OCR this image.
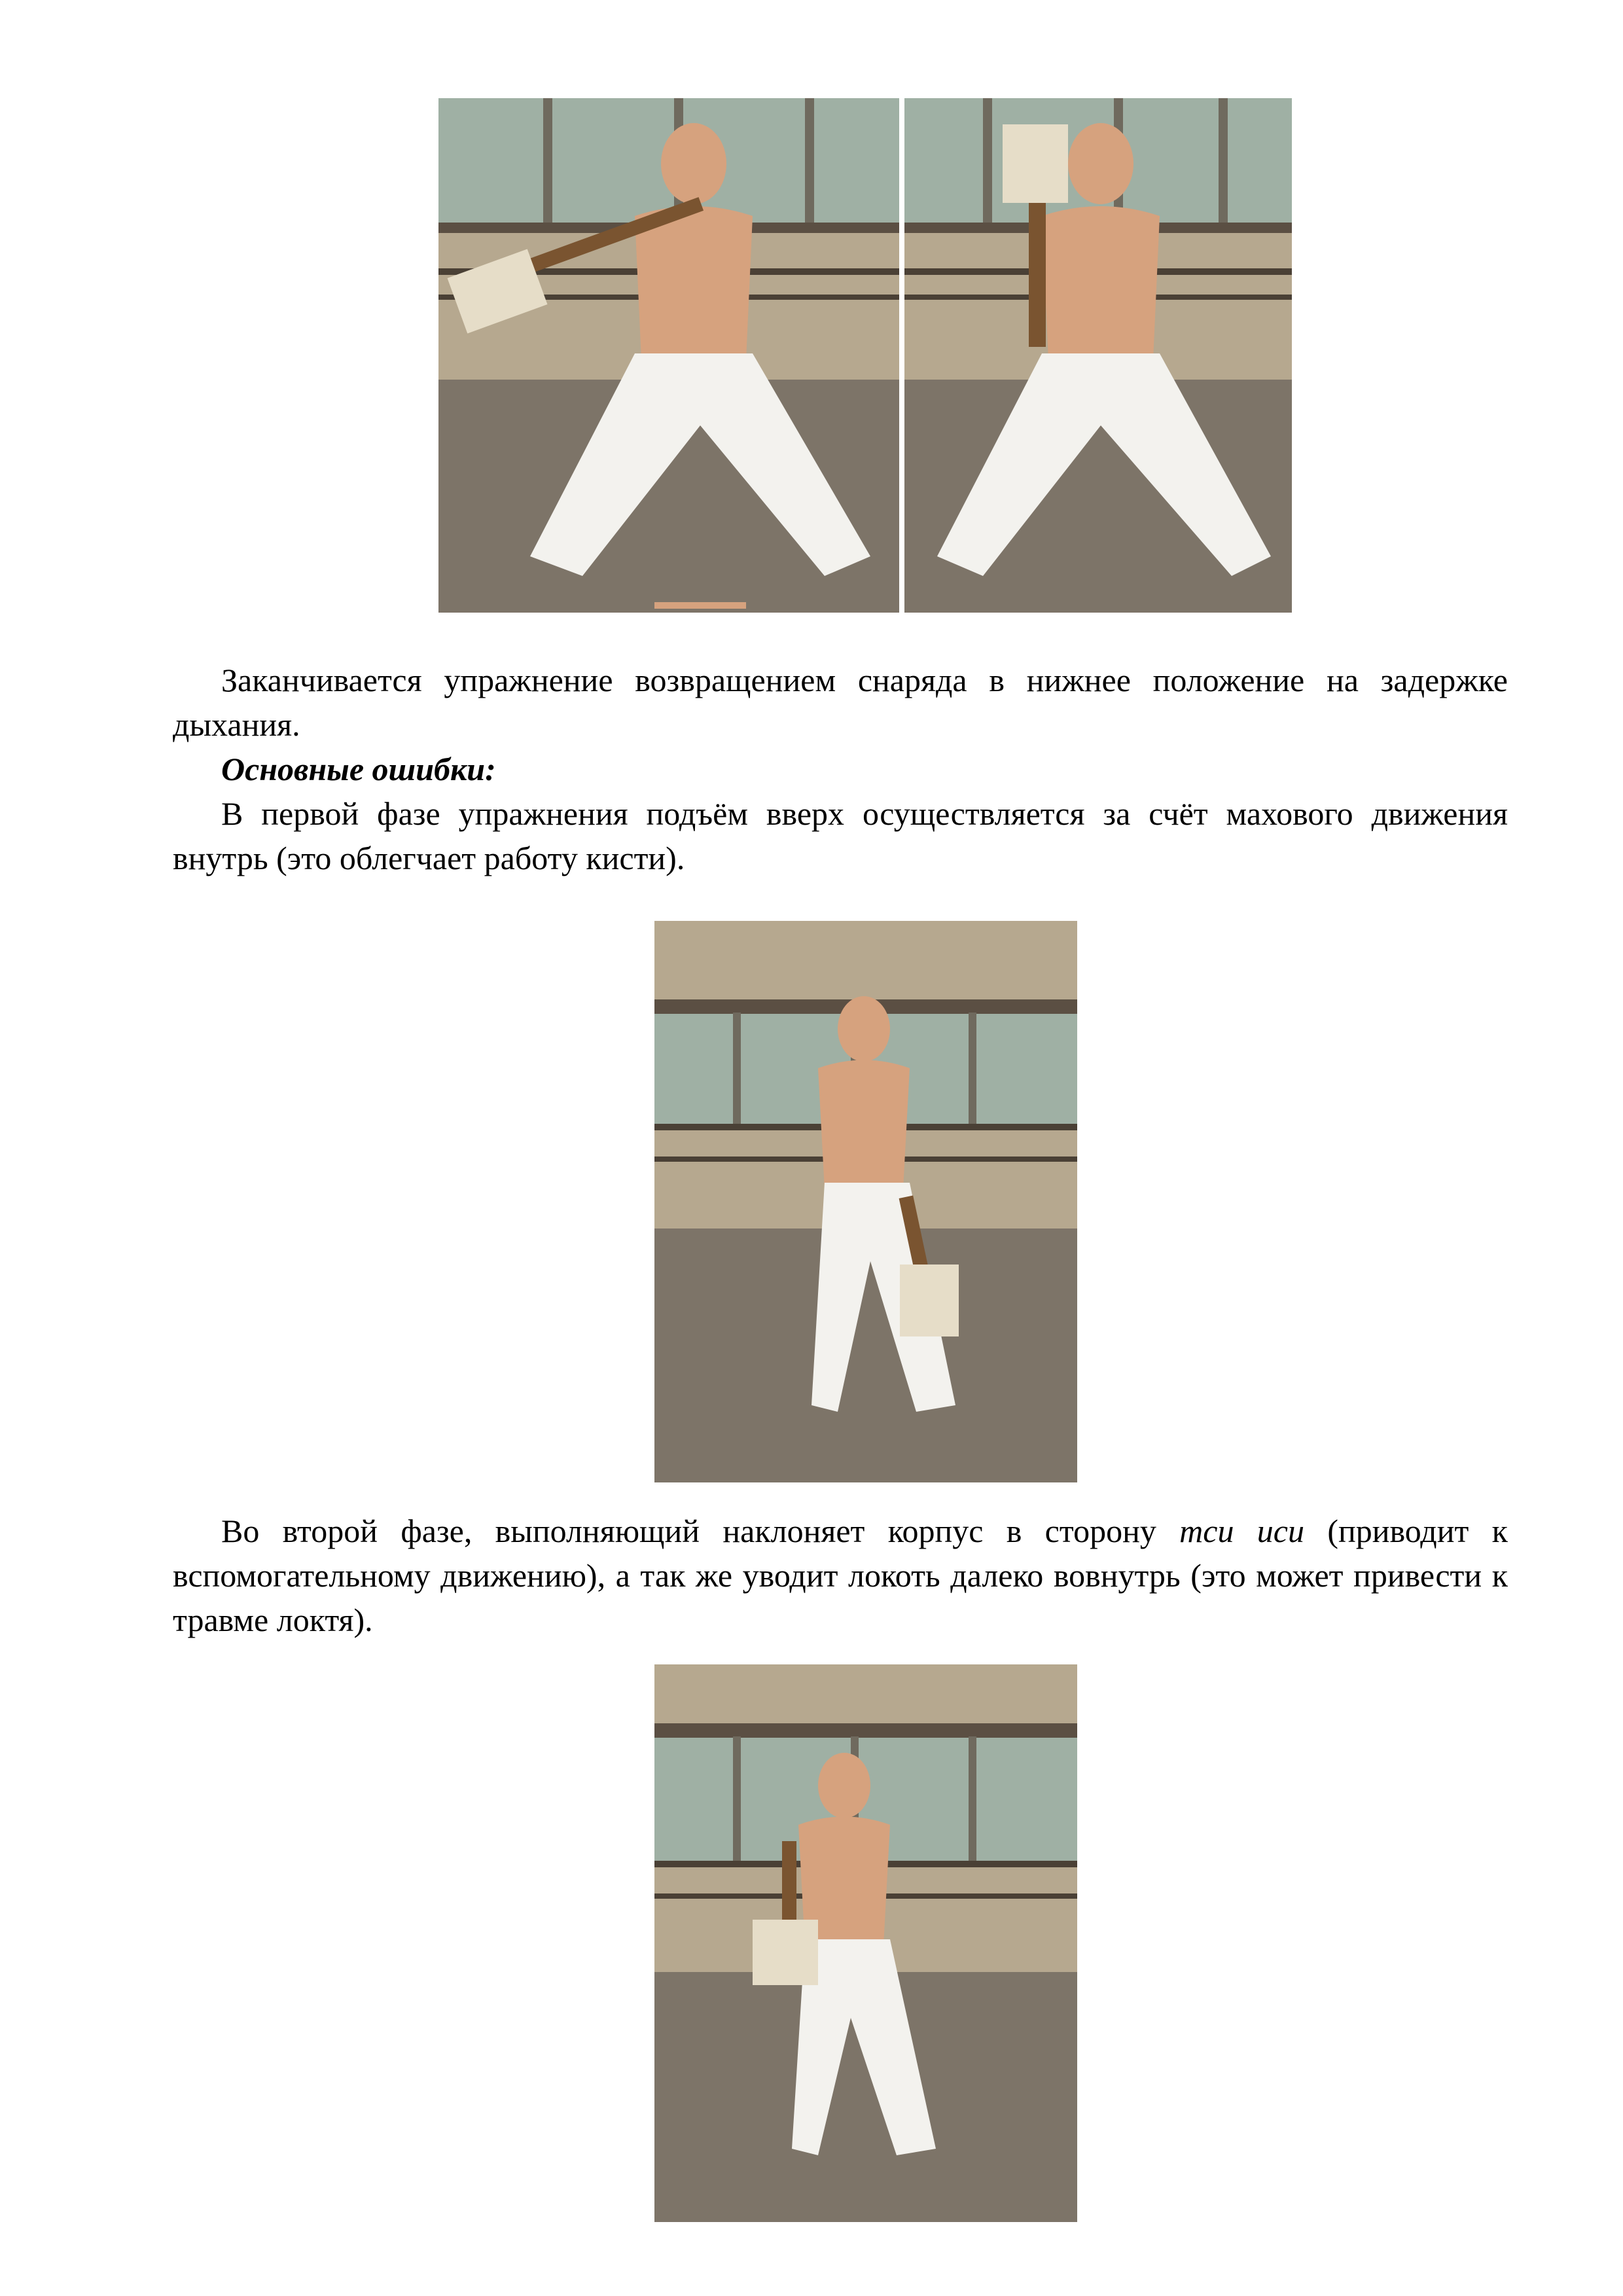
Заканчивается упражнение возвращением снаряда в нижнее положение на задержке дыхания.

Основные ошибки:

В первой фазе упражнения подъём вверх осуществляется за счёт махового движения внутрь (это облегчает работу кисти).

Во второй фазе, выполняющий наклоняет корпус в сторону тси иси (приводит к вспомогательному движению), а так же уводит локоть далеко вовнутрь (это может привести к травме локтя).
